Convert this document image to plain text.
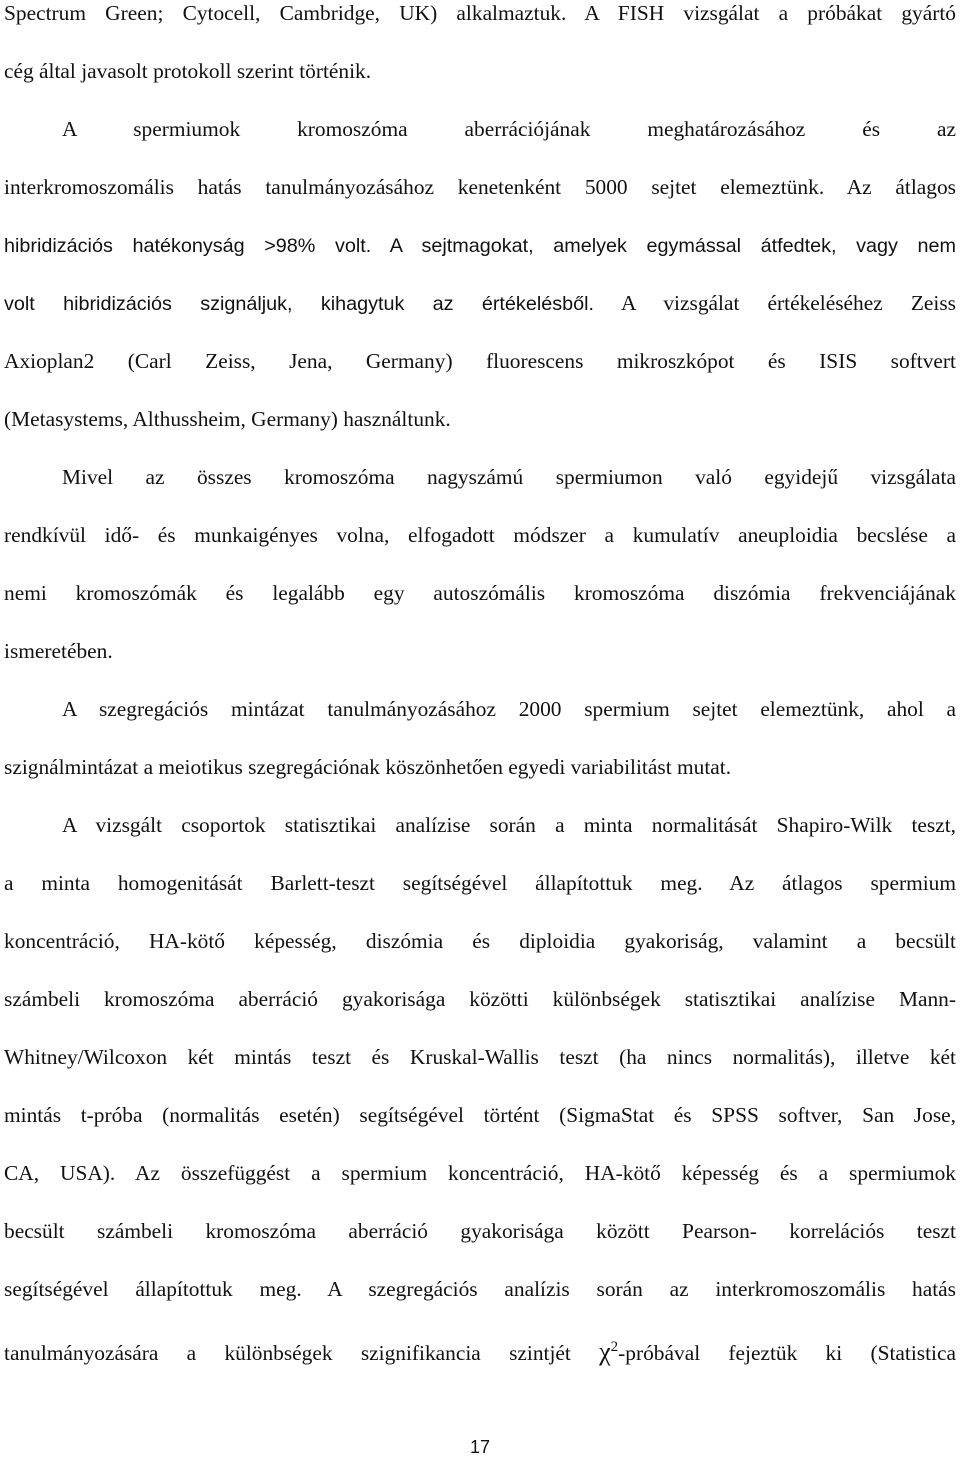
Spectrum Green; Cytocell, Cambridge, UK) alkalmaztuk. A FISH vizsgálat a próbákat gyártó
cég által javasolt protokoll szerint történik.
A spermiumok kromoszóma aberrációjának meghatározásához és az
interkromoszomális hatás tanulmányozásához kenetenként 5000 sejtet elemeztünk. Az átlagos
hibridizációs hatékonyság >98% volt. A sejtmagokat, amelyek egymással átfedtek, vagy nem
volt hibridizációs szignáljuk, kihagytuk az értékelésből. A vizsgálat értékeléséhez Zeiss
Axioplan2 (Carl Zeiss, Jena, Germany) fluorescens mikroszkópot és ISIS softvert
(Metasystems, Althussheim, Germany) használtunk.
Mivel az összes kromoszóma nagyszámú spermiumon való egyidejű vizsgálata
rendkívül idő- és munkaigényes volna, elfogadott módszer a kumulatív aneuploidia becslése a
nemi kromoszómák és legalább egy autoszómális kromoszóma diszómia frekvenciájának
ismeretében.
A szegregációs mintázat tanulmányozásához 2000 spermium sejtet elemeztünk, ahol a
szignálmintázat a meiotikus szegregációnak köszönhetően egyedi variabilitást mutat.
A vizsgált csoportok statisztikai analízise során a minta normalitását Shapiro-Wilk teszt,
a minta homogenitását Barlett-teszt segítségével állapítottuk meg. Az átlagos spermium
koncentráció, HA-kötő képesség, diszómia és diploidia gyakoriság, valamint a becsült
számbeli kromoszóma aberráció gyakorisága közötti különbségek statisztikai analízise Mann-
Whitney/Wilcoxon két mintás teszt és Kruskal-Wallis teszt (ha nincs normalitás), illetve két
mintás t-próba (normalitás esetén) segítségével történt (SigmaStat és SPSS softver, San Jose,
CA, USA). Az összefüggést a spermium koncentráció, HA-kötő képesség és a spermiumok
becsült számbeli kromoszóma aberráció gyakorisága között Pearson- korrelációs teszt
segítségével állapítottuk meg. A szegregációs analízis során az interkromoszomális hatás
tanulmányozására a különbségek szignifikancia szintjét $\chi^2$-próbával fejeztük ki (Statistica
17
